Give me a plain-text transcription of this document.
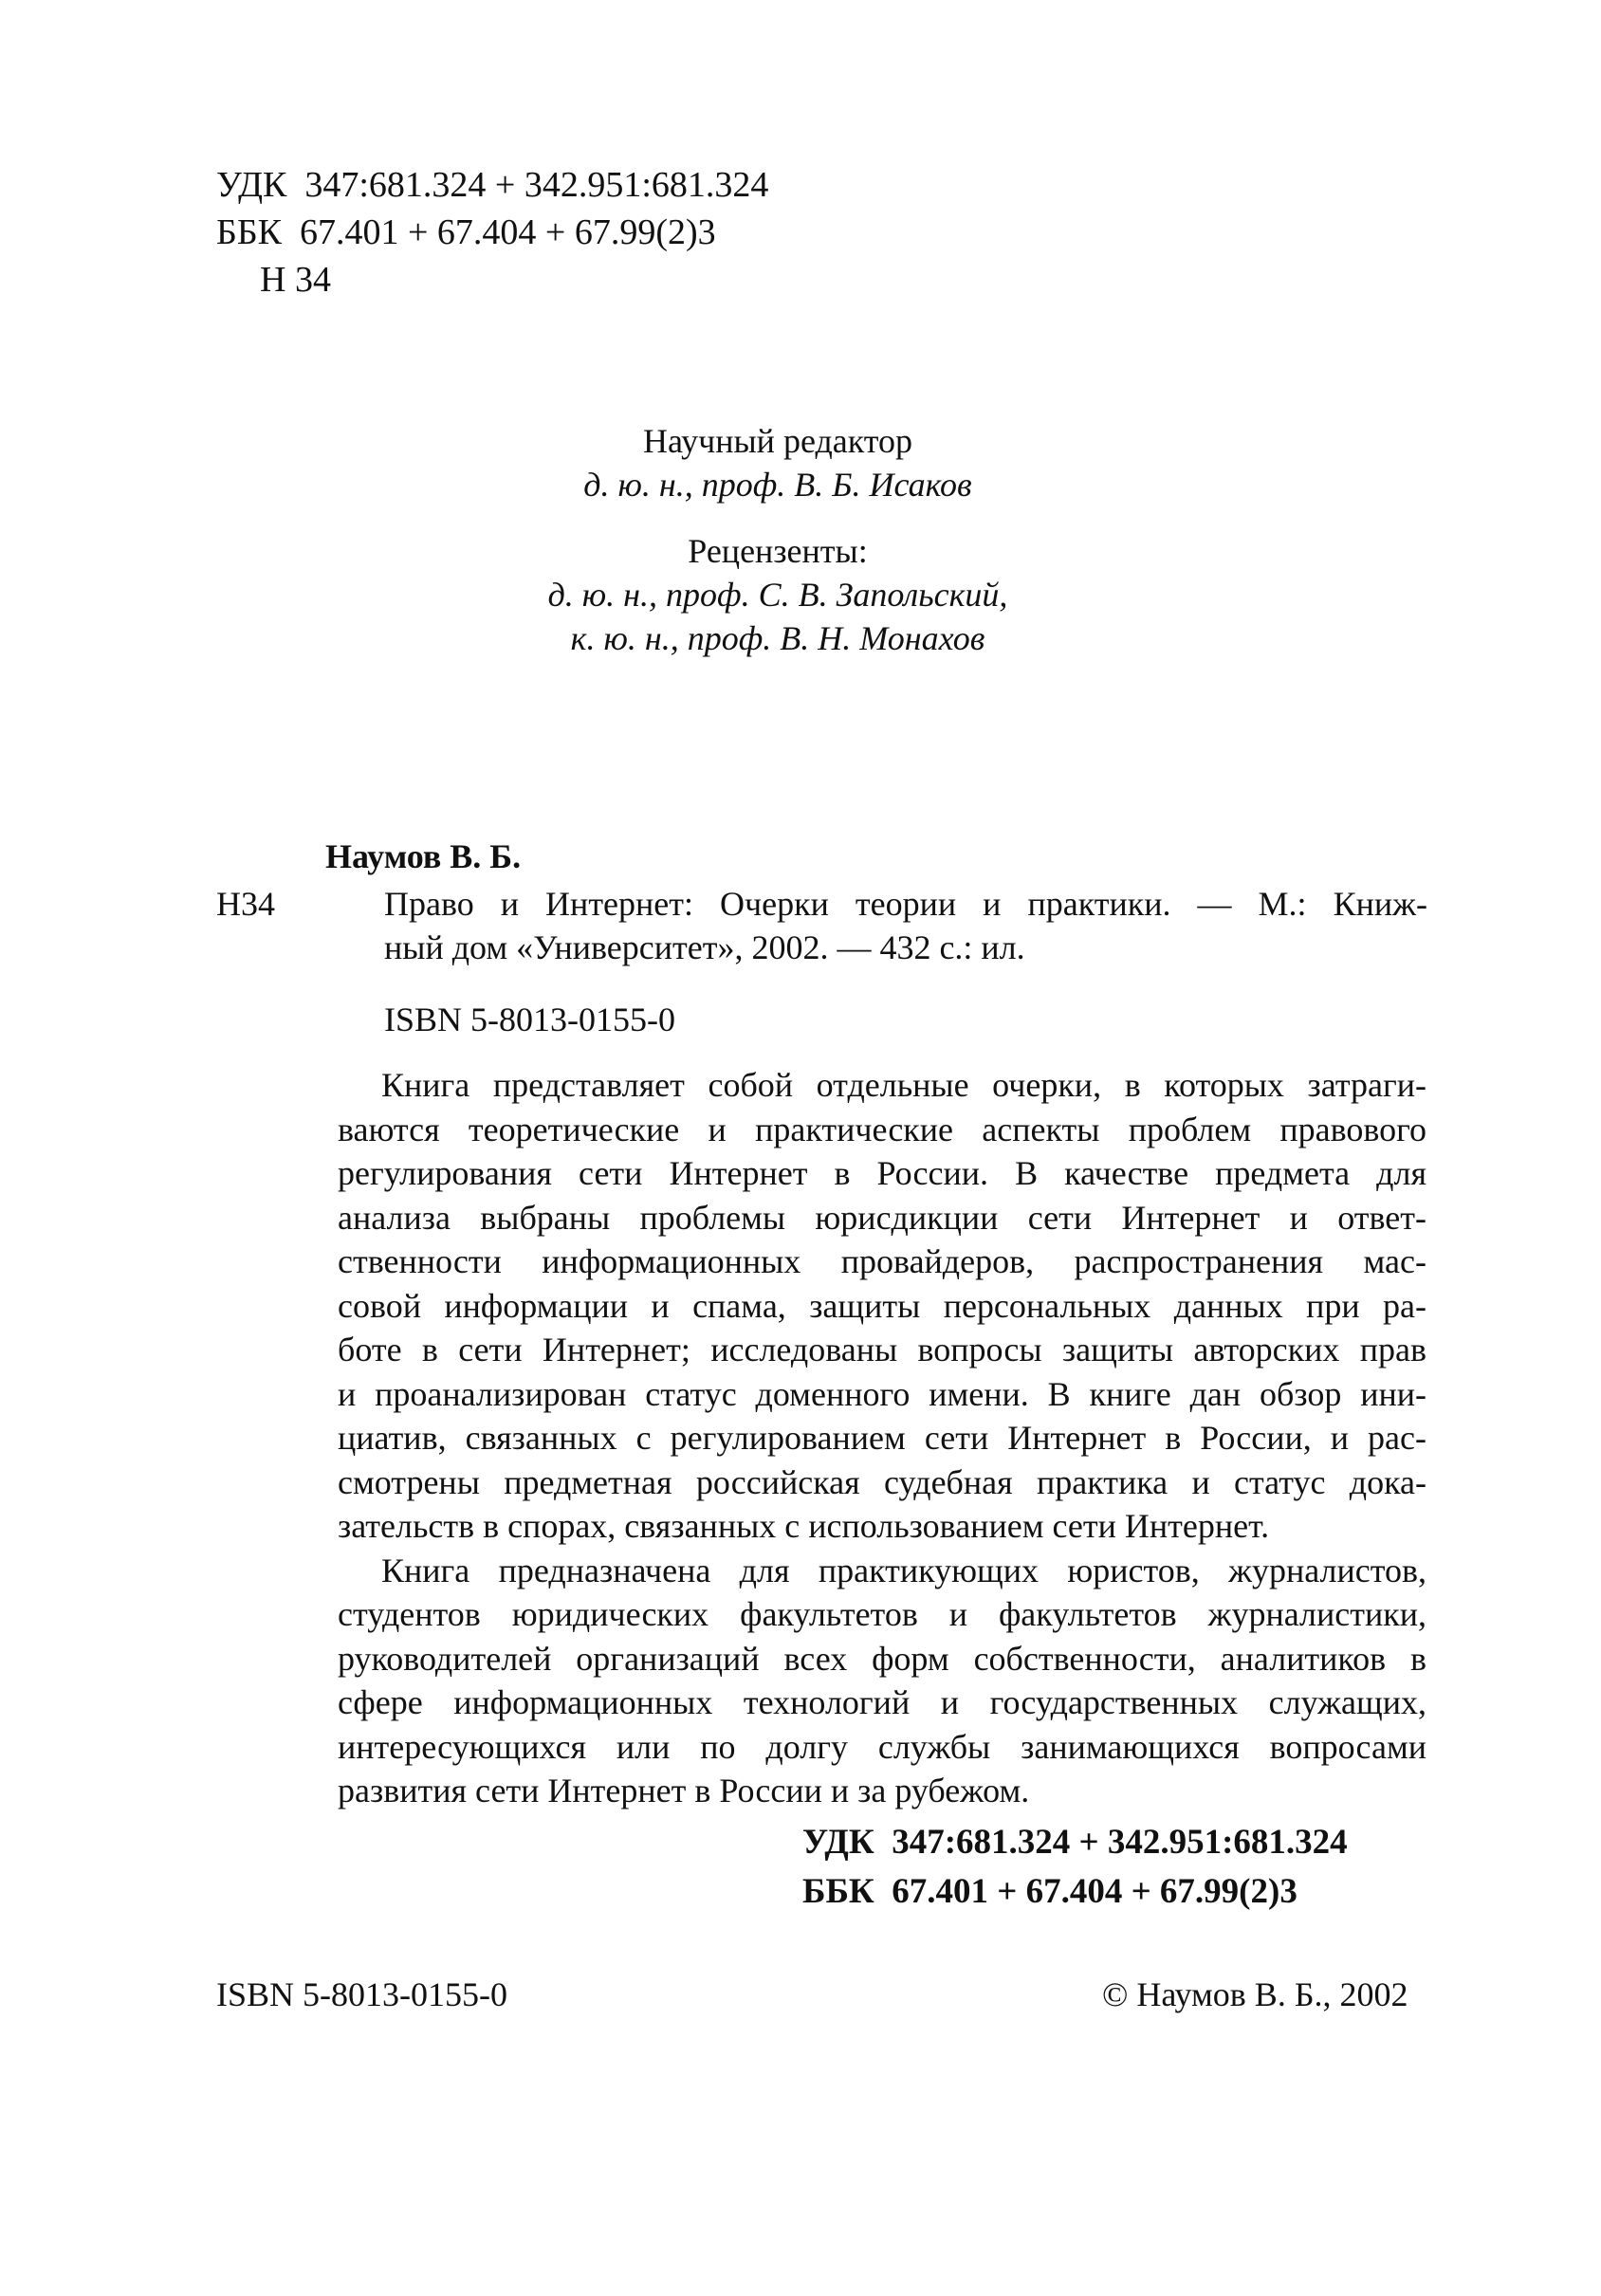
УДК 347:681.324 + 342.951:681.324
ББК 67.401 + 67.404 + 67.99(2)3
Н 34
Научный редактор
д. ю. н., проф. В. Б. Исаков
Рецензенты:
д. ю. н., проф. С. В. Запольский,
к. ю. н., проф. В. Н. Монахов
Наумов В. Б.
Н34	Право и Интернет: Очерки теории и практики. — М.: Книж-
ный дом «Университет», 2002. — 432 с.: ил.
ISBN 5-8013-0155-0
Книга представляет собой отдельные очерки, в которых затраги-
ваются теоретические и практические аспекты проблем правового
регулирования сети Интернет в России. В качестве предмета для
анализа выбраны проблемы юрисдикции сети Интернет и ответ-
ственности информационных провайдеров, распространения мас-
совой информации и спама, защиты персональных данных при ра-
боте в сети Интернет; исследованы вопросы защиты авторских прав
и проанализирован статус доменного имени. В книге дан обзор ини-
циатив, связанных с регулированием сети Интернет в России, и рас-
смотрены предметная российская судебная практика и статус дока-
зательств в спорах, связанных с использованием сети Интернет.
Книга предназначена для практикующих юристов, журналистов,
студентов юридических факультетов и факультетов журналистики,
руководителей организаций всех форм собственности, аналитиков в
сфере информационных технологий и государственных служащих,
интересующихся или по долгу службы занимающихся вопросами
развития сети Интернет в России и за рубежом.
УДК 347:681.324 + 342.951:681.324
ББК 67.401 + 67.404 + 67.99(2)3
ISBN 5-8013-0155-0	© Наумов В. Б., 2002
